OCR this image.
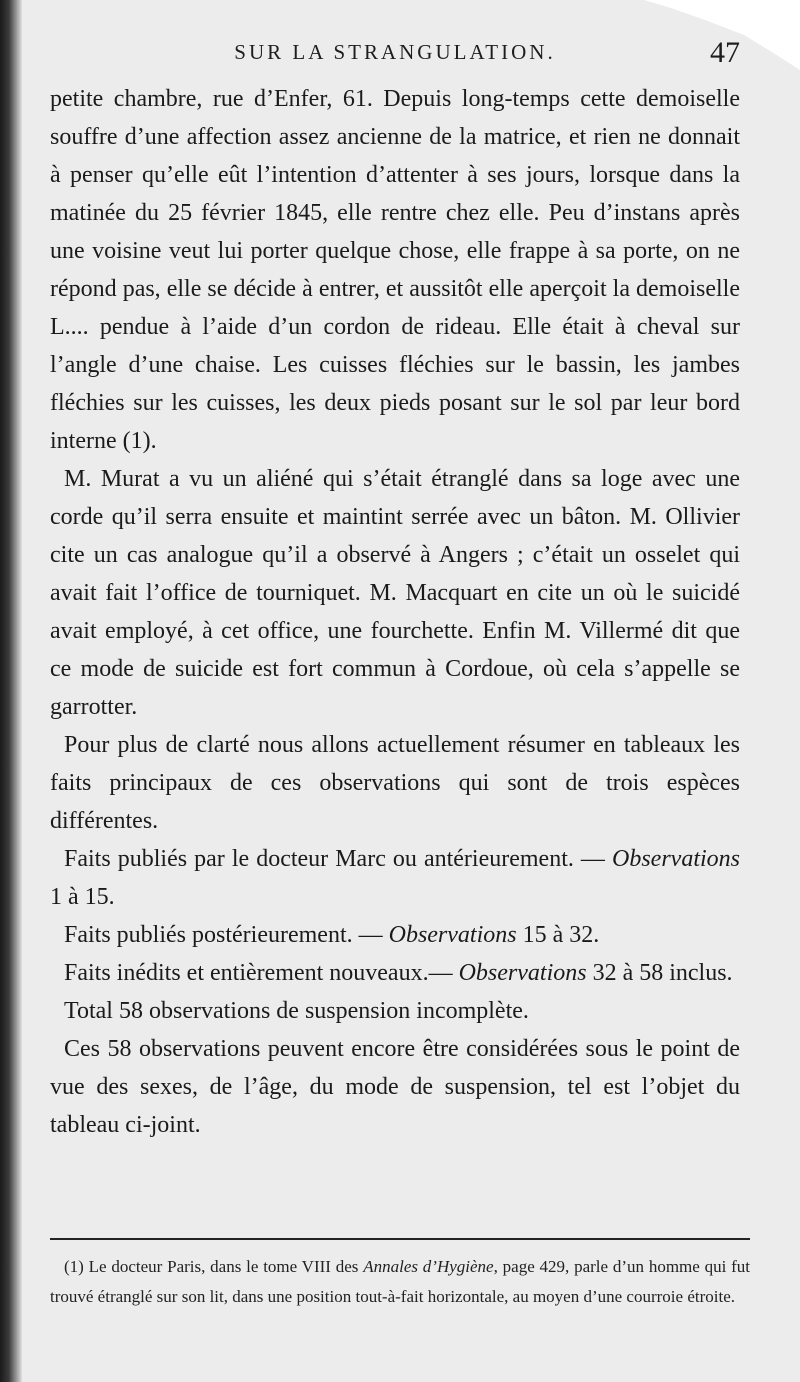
SUR LA STRANGULATION.	47

petite chambre, rue d’Enfer, 61. Depuis long-temps cette demoiselle souffre d’une affection assez ancienne de la matrice, et rien ne donnait à penser qu’elle eût l’intention d’attenter à ses jours, lorsque dans la matinée du 25 février 1845, elle rentre chez elle. Peu d’instans après une voisine veut lui porter quelque chose, elle frappe à sa porte, on ne répond pas, elle se décide à entrer, et aussitôt elle aperçoit la demoiselle L.... pendue à l’aide d’un cordon de rideau. Elle était à cheval sur l’angle d’une chaise. Les cuisses fléchies sur le bassin, les jambes fléchies sur les cuisses, les deux pieds posant sur le sol par leur bord interne (1).

M. Murat a vu un aliéné qui s’était étranglé dans sa loge avec une corde qu’il serra ensuite et maintint serrée avec un bâton. M. Ollivier cite un cas analogue qu’il a observé à Angers ; c’était un osselet qui avait fait l’office de tourniquet. M. Macquart en cite un où le suicidé avait employé, à cet office, une fourchette. Enfin M. Villermé dit que ce mode de suicide est fort commun à Cordoue, où cela s’appelle se garrotter.

Pour plus de clarté nous allons actuellement résumer en tableaux les faits principaux de ces observations qui sont de trois espèces différentes.

Faits publiés par le docteur Marc ou antérieurement. — Observations 1 à 15.

Faits publiés postérieurement. — Observations 15 à 32.

Faits inédits et entièrement nouveaux.— Observations 32 à 58 inclus.

Total 58 observations de suspension incomplète.

Ces 58 observations peuvent encore être considérées sous le point de vue des sexes, de l’âge, du mode de suspension, tel est l’objet du tableau ci-joint.

(1) Le docteur Paris, dans le tome VIII des Annales d’Hygiène, page 429, parle d’un homme qui fut trouvé étranglé sur son lit, dans une position tout-à-fait horizontale, au moyen d’une courroie étroite.
